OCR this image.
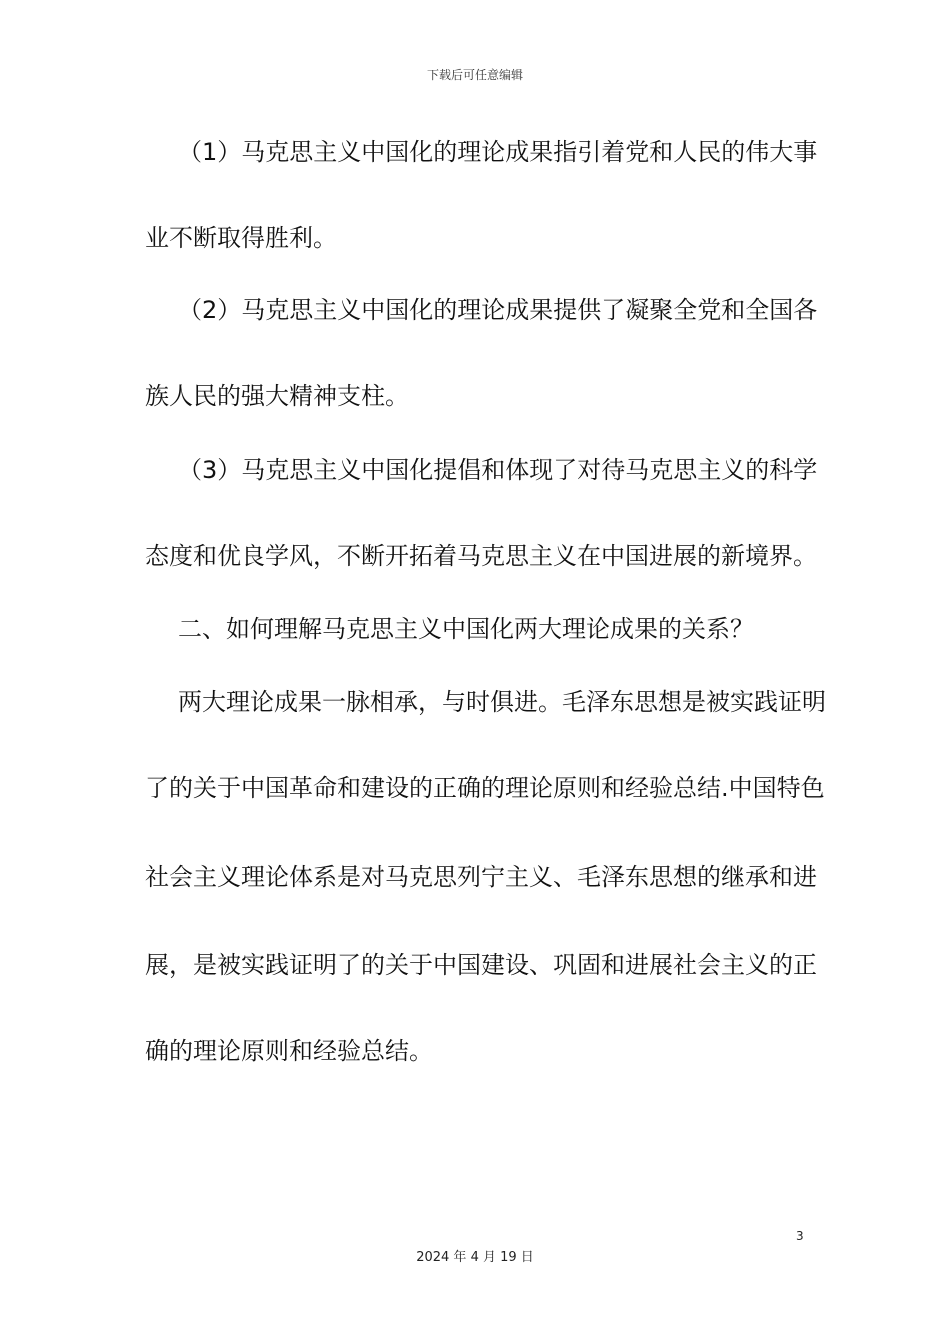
下载后可任意编辑
（1）马克思主义中国化的理论成果指引着党和人民的伟大事
业不断取得胜利。
（2）马克思主义中国化的理论成果提供了凝聚全党和全国各
族人民的强大精神支柱。
（3）马克思主义中国化提倡和体现了对待马克思主义的科学
态度和优良学风，不断开拓着马克思主义在中国进展的新境界。
二、如何理解马克思主义中国化两大理论成果的关系？
两大理论成果一脉相承，与时俱进。毛泽东思想是被实践证明
了的关于中国革命和建设的正确的理论原则和经验总结.中国特色
社会主义理论体系是对马克思列宁主义、毛泽东思想的继承和进
展，是被实践证明了的关于中国建设、巩固和进展社会主义的正
确的理论原则和经验总结。
3
2024 年 4 月 19 日
